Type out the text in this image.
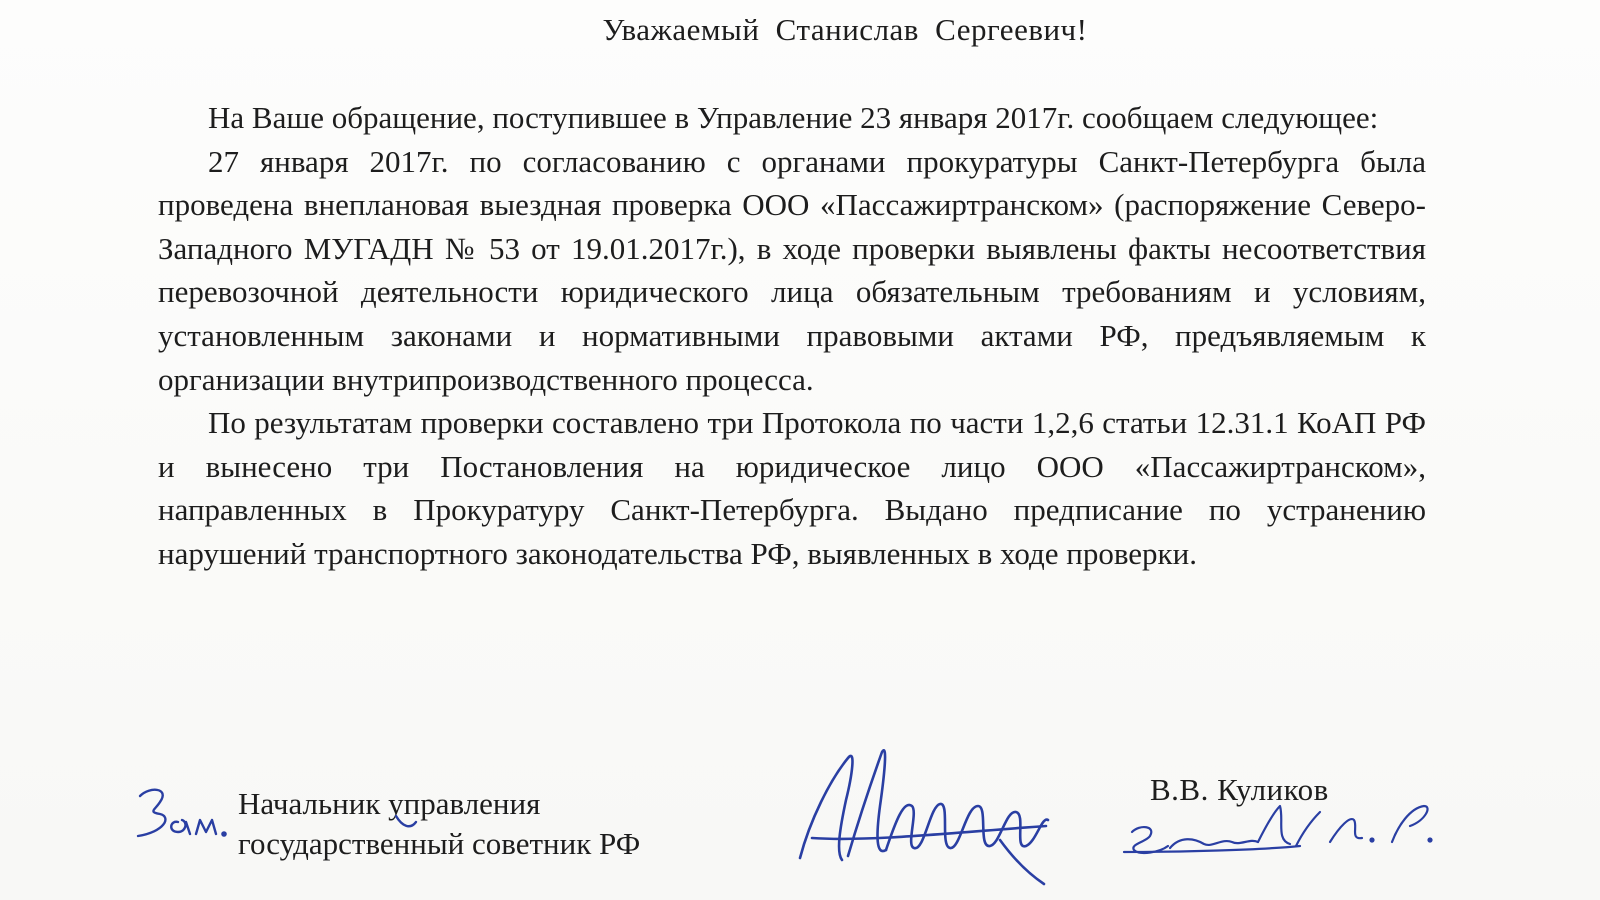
Уважаемый Станислав Сергеевич!

На Ваше обращение, поступившее в Управление 23 января 2017г. сообщаем следующее:

27 января 2017г. по согласованию с органами прокуратуры Санкт-Петербурга была проведена внеплановая выездная проверка ООО «Пассажиртранском» (распоряжение Северо-Западного МУГАДН № 53 от 19.01.2017г.), в ходе проверки выявлены факты несоответствия перевозочной деятельности юридического лица обязательным требованиям и условиям, установленным законами и нормативными правовыми актами РФ, предъявляемым к организации внутрипроизводственного процесса.

По результатам проверки составлено три Протокола по части 1,2,6 статьи 12.31.1 КоАП РФ и вынесено три Постановления на юридическое лицо ООО «Пассажиртранском», направленных в Прокуратуру Санкт-Петербурга. Выдано предписание по устранению нарушений транспортного законодательства РФ, выявленных в ходе проверки.

Начальник управления
государственный советник РФ
В.В. Куликов
